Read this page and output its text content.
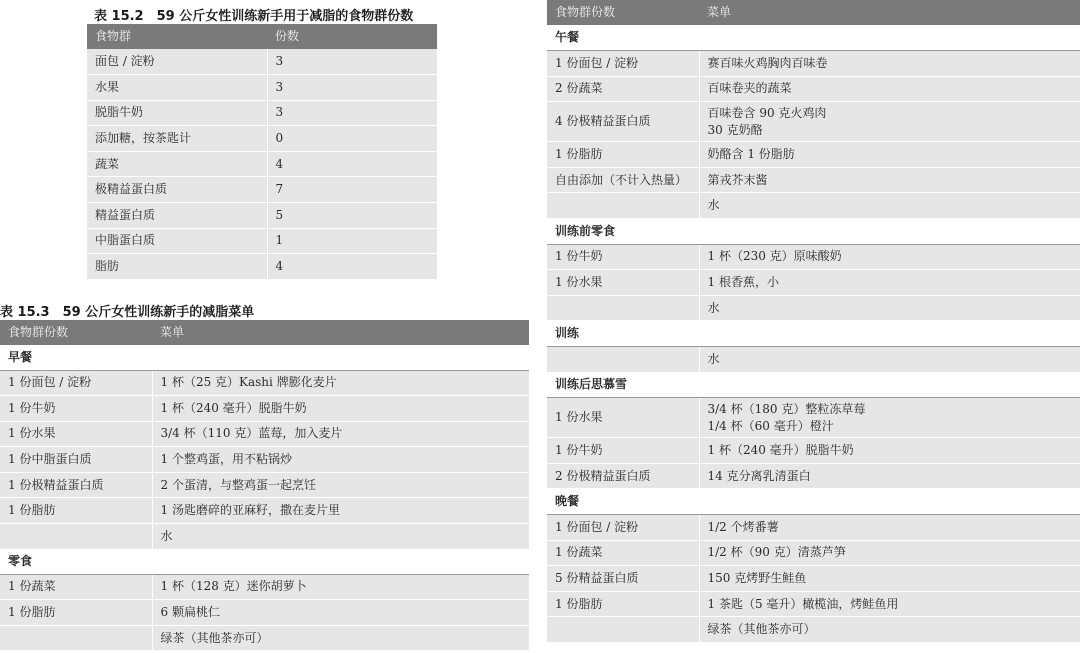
表 15.2　59 公斤女性训练新手用于减脂的食物群份数
食物群	份数
面包 / 淀粉	3
水果	3
脱脂牛奶	3
添加糖，按茶匙计	0
蔬菜	4
极精益蛋白质	7
精益蛋白质	5
中脂蛋白质	1
脂肪	4
表 15.3　59 公斤女性训练新手的减脂菜单
食物群份数	菜单
早餐	
1 份面包 / 淀粉	1 杯（25 克）Kashi 牌膨化麦片
1 份牛奶	1 杯（240 毫升）脱脂牛奶
1 份水果	3/4 杯（110 克）蓝莓，加入麦片
1 份中脂蛋白质	1 个整鸡蛋，用不粘锅炒
1 份极精益蛋白质	2 个蛋清，与整鸡蛋一起烹饪
1 份脂肪	1 汤匙磨碎的亚麻籽，撒在麦片里
	水
零食	
1 份蔬菜	1 杯（128 克）迷你胡萝卜
1 份脂肪	6 颗扁桃仁
	绿茶（其他茶亦可）
食物群份数	菜单
午餐	
1 份面包 / 淀粉	赛百味火鸡胸肉百味卷
2 份蔬菜	百味卷夹的蔬菜
4 份极精益蛋白质	百味卷含 90 克火鸡肉
30 克奶酪
1 份脂肪	奶酪含 1 份脂肪
自由添加（不计入热量）	第戎芥末酱
	水
训练前零食	
1 份牛奶	1 杯（230 克）原味酸奶
1 份水果	1 根香蕉，小
	水
训练	
	水
训练后思慕雪	
1 份水果	3/4 杯（180 克）整粒冻草莓
1/4 杯（60 毫升）橙汁
1 份牛奶	1 杯（240 毫升）脱脂牛奶
2 份极精益蛋白质	14 克分离乳清蛋白
晚餐	
1 份面包 / 淀粉	1/2 个烤番薯
1 份蔬菜	1/2 杯（90 克）清蒸芦笋
5 份精益蛋白质	150 克烤野生鲑鱼
1 份脂肪	1 茶匙（5 毫升）橄榄油，烤鲑鱼用
	绿茶（其他茶亦可）
